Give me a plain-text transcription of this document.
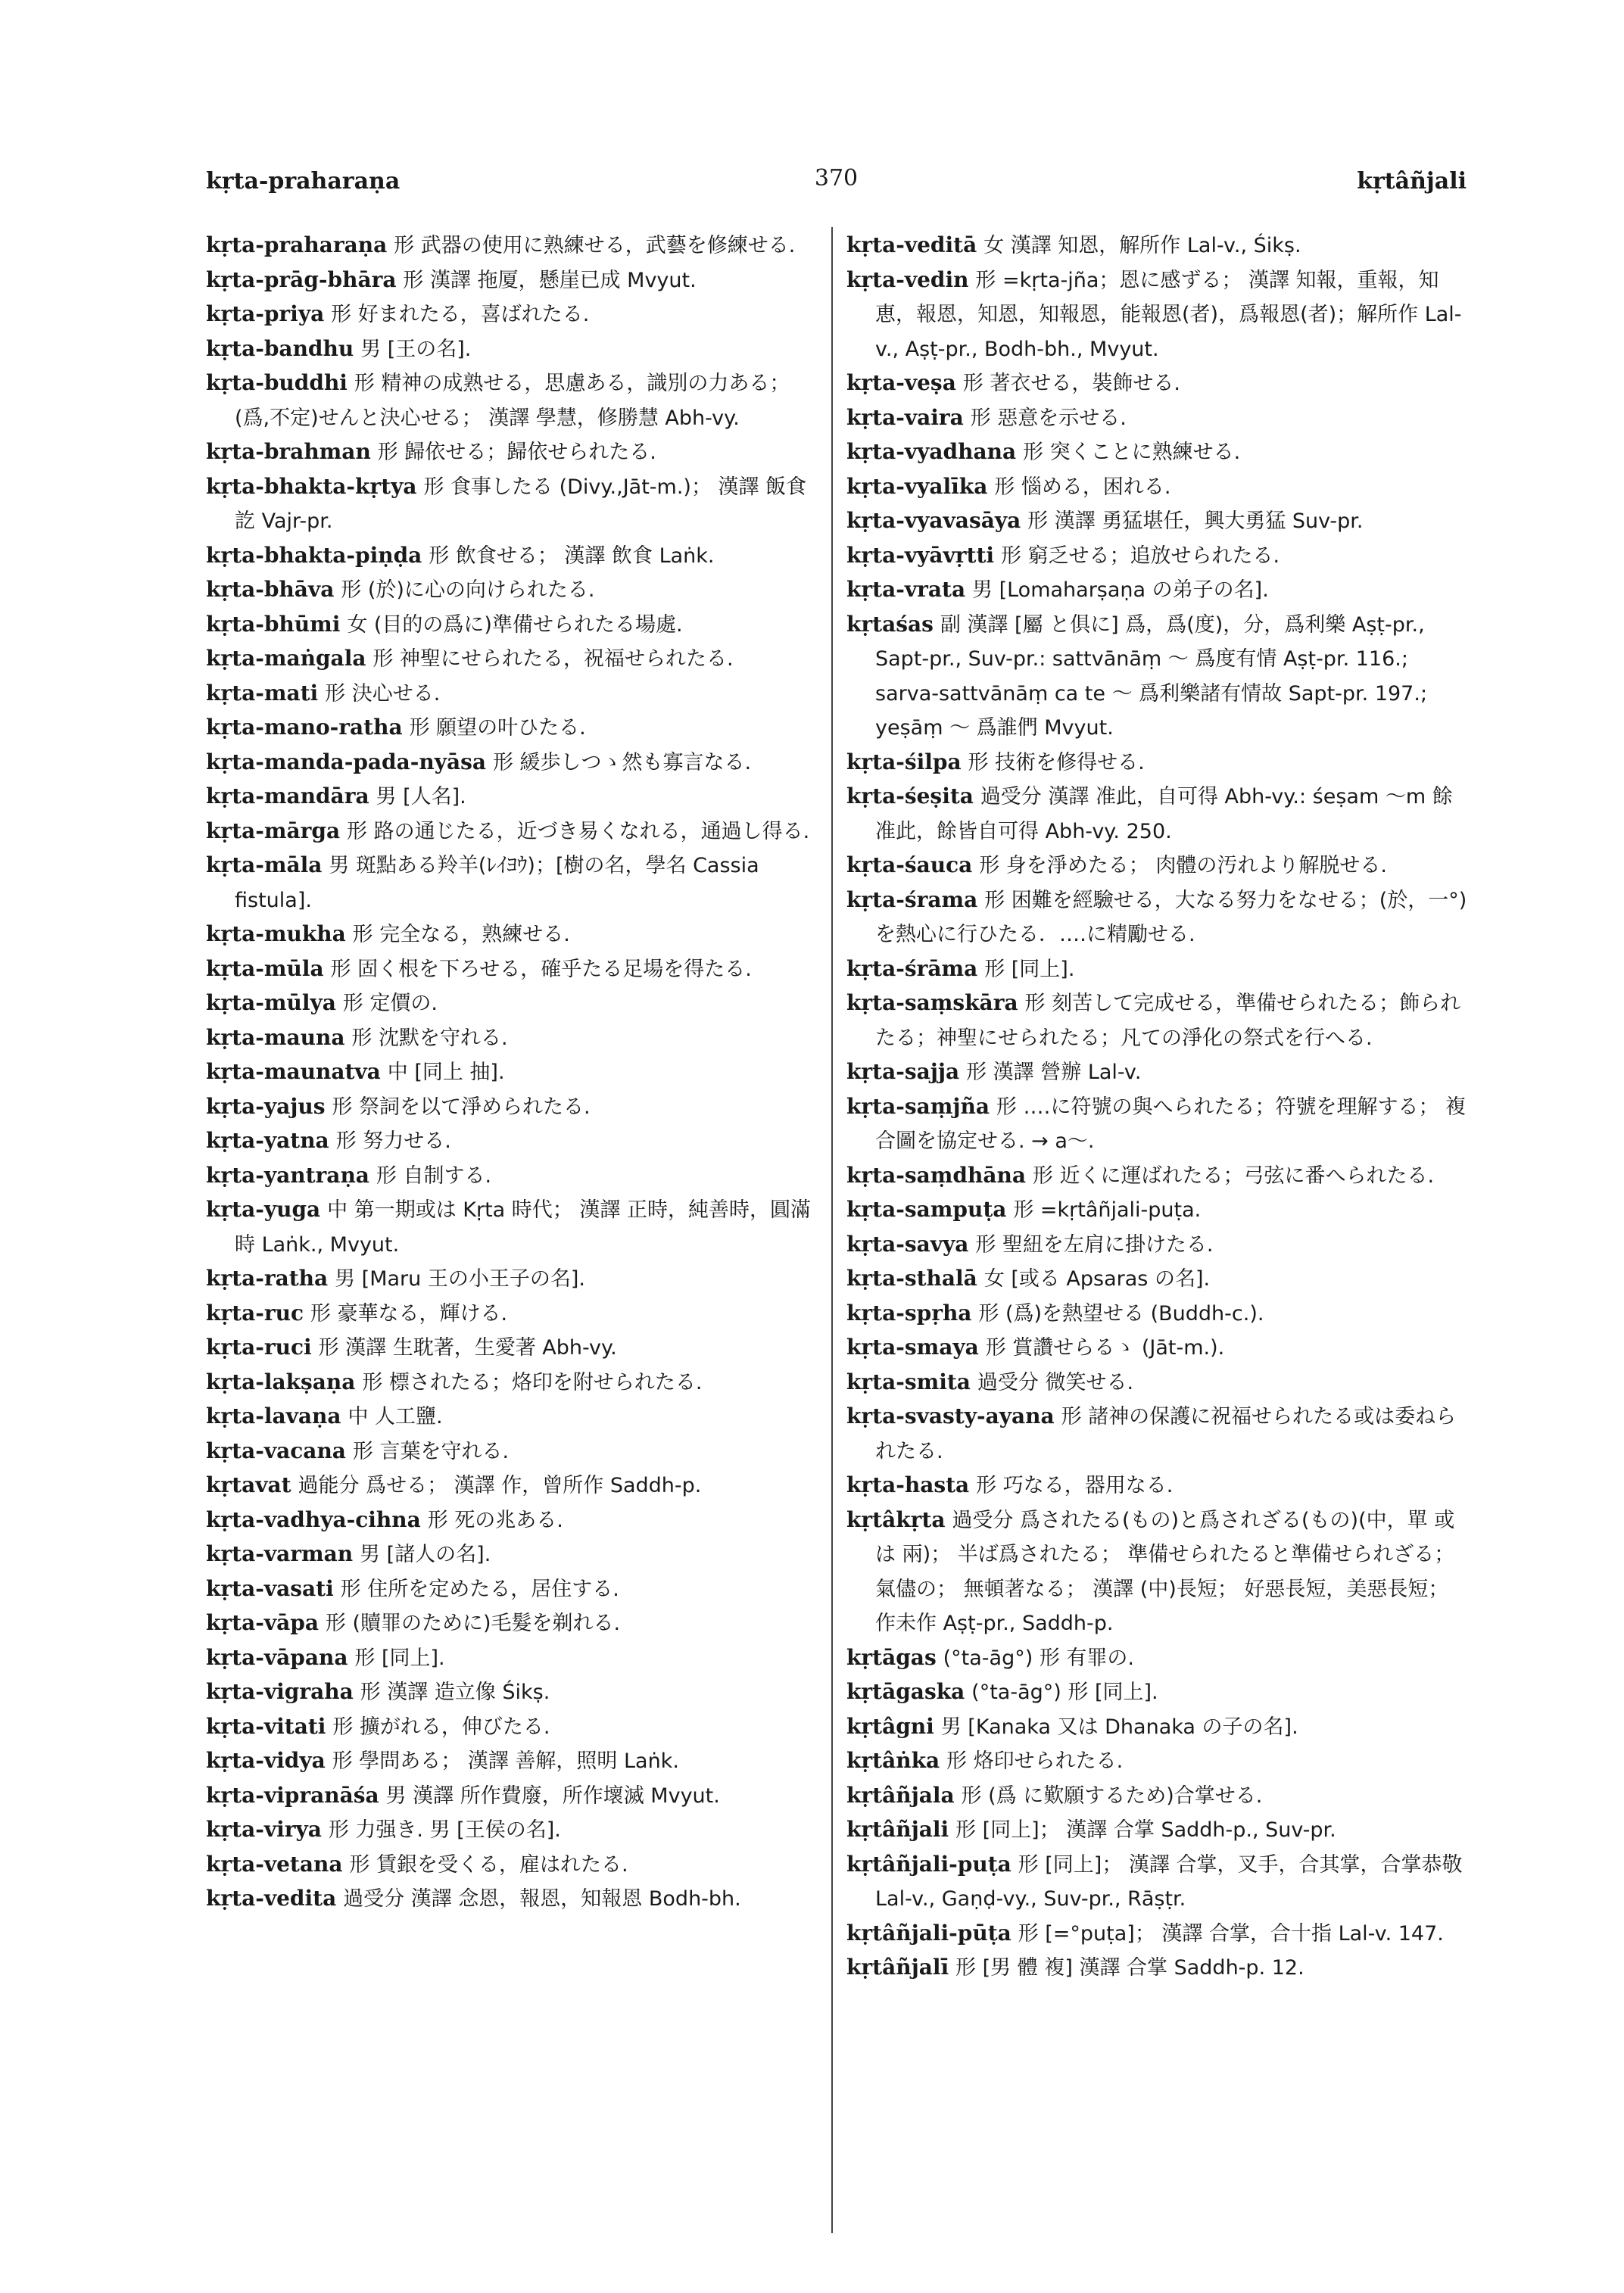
kṛta-praharaṇa	370	kṛtâñjali

kṛta-praharaṇa 形 武器の使用に熟練せる，武藝を修練せる.

kṛta-prāg-bhāra 形 漢譯 拖厦，懸崖已成 Mvyut.

kṛta-priya 形 好まれたる，喜ばれたる.

kṛta-bandhu 男 [王の名].

kṛta-buddhi 形 精神の成熟せる，思慮ある，識別の力ある；(爲,不定)せんと決心せる； 漢譯 學慧，修勝慧 Abh-vy.

kṛta-brahman 形 歸依せる；歸依せられたる.

kṛta-bhakta-kṛtya 形 食事したる (Divy.,Jāt-m.)； 漢譯 飯食訖 Vajr-pr.

kṛta-bhakta-piṇḍa 形 飲食せる； 漢譯 飲食 Laṅk.

kṛta-bhāva 形 (於)に心の向けられたる.

kṛta-bhūmi 女 (目的の爲に)準備せられたる場處.

kṛta-maṅgala 形 神聖にせられたる，祝福せられたる.

kṛta-mati 形 決心せる.

kṛta-mano-ratha 形 願望の叶ひたる.

kṛta-manda-pada-nyāsa 形 緩歩しつゝ然も寡言なる.

kṛta-mandāra 男 [人名].

kṛta-mārga 形 路の通じたる，近づき易くなれる，通過し得る.

kṛta-māla 男 斑點ある羚羊(ﾚｲﾖｳ)；[樹の名，學名 Cassia fistula].

kṛta-mukha 形 完全なる，熟練せる.

kṛta-mūla 形 固く根を下ろせる，確乎たる足場を得たる.

kṛta-mūlya 形 定價の.

kṛta-mauna 形 沈默を守れる.

kṛta-maunatva 中 [同上 抽].

kṛta-yajus 形 祭詞を以て淨められたる.

kṛta-yatna 形 努力せる.

kṛta-yantraṇa 形 自制する.

kṛta-yuga 中 第一期或は Kṛta 時代； 漢譯 正時，純善時，圓滿時 Laṅk., Mvyut.

kṛta-ratha 男 [Maru 王の小王子の名].

kṛta-ruc 形 豪華なる，輝ける.

kṛta-ruci 形 漢譯 生耽著，生愛著 Abh-vy.

kṛta-lakṣaṇa 形 標されたる；烙印を附せられたる.

kṛta-lavaṇa 中 人工鹽.

kṛta-vacana 形 言葉を守れる.

kṛtavat 過能分 爲せる； 漢譯 作，曾所作 Saddh-p.

kṛta-vadhya-cihna 形 死の兆ある.

kṛta-varman 男 [諸人の名].

kṛta-vasati 形 住所を定めたる，居住する.

kṛta-vāpa 形 (贖罪のために)毛髮を剃れる.

kṛta-vāpana 形 [同上].

kṛta-vigraha 形 漢譯 造立像 Śikṣ.

kṛta-vitati 形 擴がれる，伸びたる.

kṛta-vidya 形 學問ある； 漢譯 善解，照明 Laṅk.

kṛta-vipranāśa 男 漢譯 所作費廢，所作壞滅 Mvyut.

kṛta-virya 形 力强き. 男 [王侯の名].

kṛta-vetana 形 賃銀を受くる，雇はれたる.

kṛta-vedita 過受分 漢譯 念恩，報恩，知報恩 Bodh-bh.

kṛta-veditā 女 漢譯 知恩，解所作 Lal-v., Śikṣ.

kṛta-vedin 形 =kṛta-jña；恩に感ずる； 漢譯 知報，重報，知恵，報恩，知恩，知報恩，能報恩(者)，爲報恩(者)；解所作 Lal-v., Aṣṭ-pr., Bodh-bh., Mvyut.

kṛta-veṣa 形 著衣せる，裝飾せる.

kṛta-vaira 形 惡意を示せる.

kṛta-vyadhana 形 突くことに熟練せる.

kṛta-vyalīka 形 惱める，困れる.

kṛta-vyavasāya 形 漢譯 勇猛堪任，興大勇猛 Suv-pr.

kṛta-vyāvṛtti 形 窮乏せる；追放せられたる.

kṛta-vrata 男 [Lomaharṣaṇa の弟子の名].

kṛtaśas 副 漢譯 [屬 と俱に] 爲，爲(度)，分，爲利樂 Aṣṭ-pr., Sapt-pr., Suv-pr.: sattvānāṃ ～ 爲度有情 Aṣṭ-pr. 116.; sarva-sattvānāṃ ca te ～ 爲利樂諸有情故 Sapt-pr. 197.; yeṣāṃ ～ 爲誰們 Mvyut.

kṛta-śilpa 形 技術を修得せる.

kṛta-śeṣita 過受分 漢譯 准此，自可得 Abh-vy.: śeṣam ～m 餘准此，餘皆自可得 Abh-vy. 250.

kṛta-śauca 形 身を淨めたる； 肉體の汚れより解脱せる.

kṛta-śrama 形 困難を經驗せる，大なる努力をなせる；(於，一°)を熱心に行ひたる．‥‥に精勵せる.

kṛta-śrāma 形 [同上].

kṛta-saṃskāra 形 刻苦して完成せる，準備せられたる；飾られたる；神聖にせられたる；凡ての淨化の祭式を行へる.

kṛta-sajja 形 漢譯 營辦 Lal-v.

kṛta-saṃjña 形 ‥‥に符號の與へられたる；符號を理解する； 複 合圖を協定せる. → a～.

kṛta-saṃdhāna 形 近くに運ばれたる；弓弦に番へられたる.

kṛta-sampuṭa 形 =kṛtâñjali-puṭa.

kṛta-savya 形 聖紐を左肩に掛けたる.

kṛta-sthalā 女 [或る Apsaras の名].

kṛta-spṛha 形 (爲)を熱望せる (Buddh-c.).

kṛta-smaya 形 賞讚せらるゝ (Jāt-m.).

kṛta-smita 過受分 微笑せる.

kṛta-svasty-ayana 形 諸神の保護に祝福せられたる或は委ねられたる.

kṛta-hasta 形 巧なる，器用なる.

kṛtâkṛta 過受分 爲されたる(もの)と爲されざる(もの)(中，單 或は 兩)； 半ば爲されたる； 準備せられたると準備せられざる； 氣儘の； 無頓著なる； 漢譯 (中)長短； 好惡長短，美惡長短； 作未作 Aṣṭ-pr., Saddh-p.

kṛtāgas (°ta-āg°) 形 有罪の.

kṛtāgaska (°ta-āg°) 形 [同上].

kṛtâgni 男 [Kanaka 又は Dhanaka の子の名].

kṛtâṅka 形 烙印せられたる.

kṛtâñjala 形 (爲 に歎願するため)合掌せる.

kṛtâñjali 形 [同上]； 漢譯 合掌 Saddh-p., Suv-pr.

kṛtâñjali-puṭa 形 [同上]； 漢譯 合掌，叉手，合其掌，合掌恭敬 Lal-v., Gaṇḍ-vy., Suv-pr., Rāṣṭr.

kṛtâñjali-pūṭa 形 [=°puṭa]； 漢譯 合掌，合十指 Lal-v. 147.

kṛtâñjalī 形 [男 體 複] 漢譯 合掌 Saddh-p. 12.
